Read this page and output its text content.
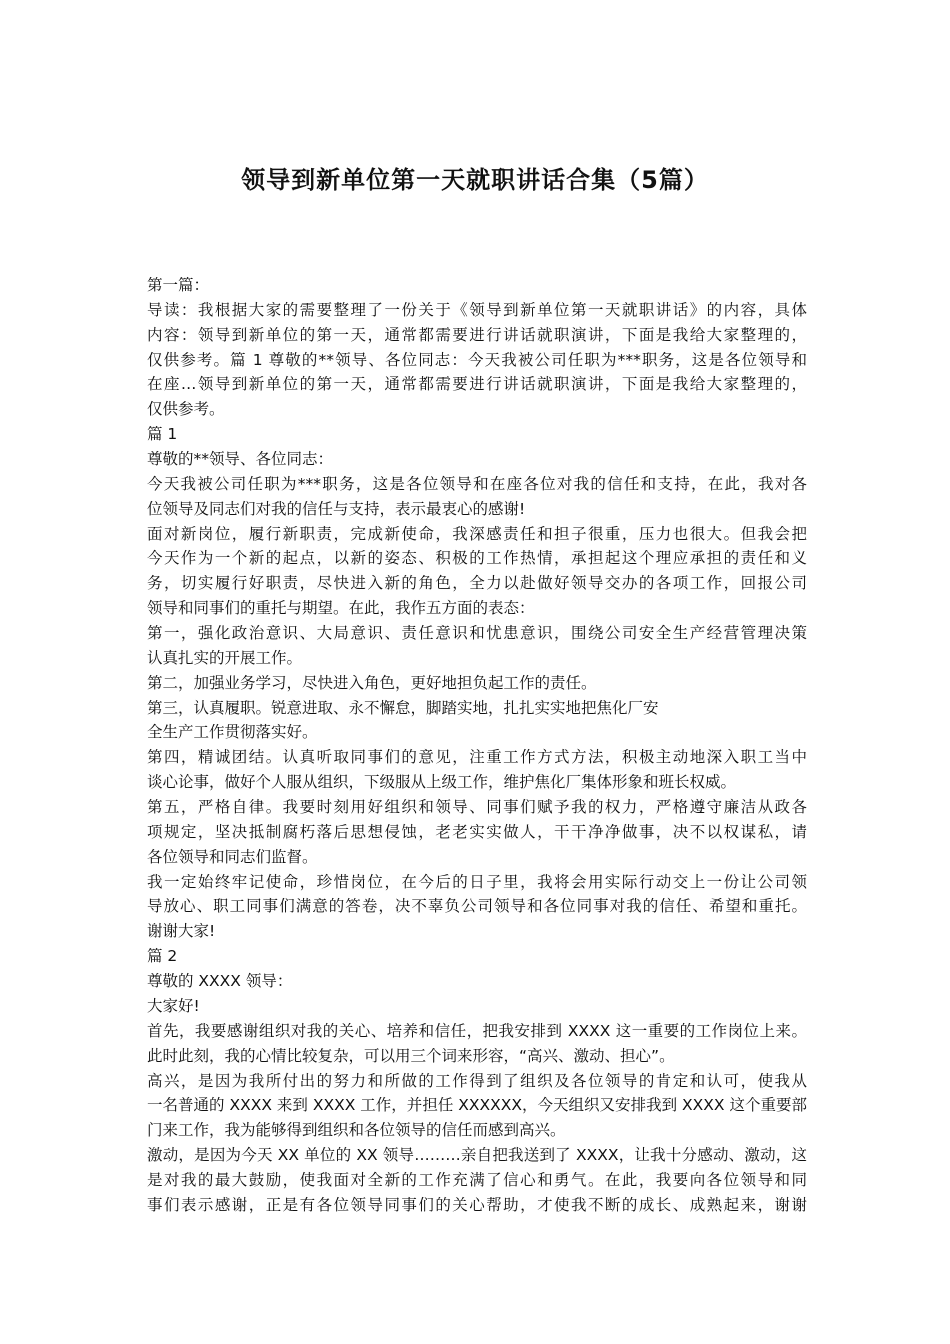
领导到新单位第一天就职讲话合集（5篇）
第一篇：
导读：我根据大家的需要整理了一份关于《领导到新单位第一天就职讲话》的内容，具体
内容：领导到新单位的第一天，通常都需要进行讲话就职演讲，下面是我给大家整理的，
仅供参考。篇 1 尊敬的**领导、各位同志：今天我被公司任职为***职务，这是各位领导和
在座…领导到新单位的第一天，通常都需要进行讲话就职演讲，下面是我给大家整理的，
仅供参考。
篇 1
尊敬的**领导、各位同志：
今天我被公司任职为***职务，这是各位领导和在座各位对我的信任和支持，在此，我对各
位领导及同志们对我的信任与支持，表示最衷心的感谢!
面对新岗位，履行新职责，完成新使命，我深感责任和担子很重，压力也很大。但我会把
今天作为一个新的起点，以新的姿态、积极的工作热情，承担起这个理应承担的责任和义
务，切实履行好职责，尽快进入新的角色，全力以赴做好领导交办的各项工作，回报公司
领导和同事们的重托与期望。在此，我作五方面的表态：
第一，强化政治意识、大局意识、责任意识和忧患意识，围绕公司安全生产经营管理决策
认真扎实的开展工作。
第二，加强业务学习，尽快进入角色，更好地担负起工作的责任。
第三，认真履职。锐意进取、永不懈怠，脚踏实地，扎扎实实地把焦化厂安
全生产工作贯彻落实好。
第四，精诚团结。认真听取同事们的意见，注重工作方式方法，积极主动地深入职工当中
谈心论事，做好个人服从组织，下级服从上级工作，维护焦化厂集体形象和班长权威。
第五，严格自律。我要时刻用好组织和领导、同事们赋予我的权力，严格遵守廉洁从政各
项规定，坚决抵制腐朽落后思想侵蚀，老老实实做人，干干净净做事，决不以权谋私，请
各位领导和同志们监督。
我一定始终牢记使命，珍惜岗位，在今后的日子里，我将会用实际行动交上一份让公司领
导放心、职工同事们满意的答卷，决不辜负公司领导和各位同事对我的信任、希望和重托。
谢谢大家!
篇 2
尊敬的 XXXX 领导：
大家好!
首先，我要感谢组织对我的关心、培养和信任，把我安排到 XXXX 这一重要的工作岗位上来。
此时此刻，我的心情比较复杂，可以用三个词来形容，“高兴、激动、担心”。
高兴，是因为我所付出的努力和所做的工作得到了组织及各位领导的肯定和认可，使我从
一名普通的 XXXX 来到 XXXX 工作，并担任 XXXXXX，今天组织又安排我到 XXXX 这个重要部
门来工作，我为能够得到组织和各位领导的信任而感到高兴。
激动，是因为今天 XX 单位的 XX 领导………亲自把我送到了 XXXX，让我十分感动、激动，这
是对我的最大鼓励，使我面对全新的工作充满了信心和勇气。在此，我要向各位领导和同
事们表示感谢，正是有各位领导同事们的关心帮助，才使我不断的成长、成熟起来，谢谢
